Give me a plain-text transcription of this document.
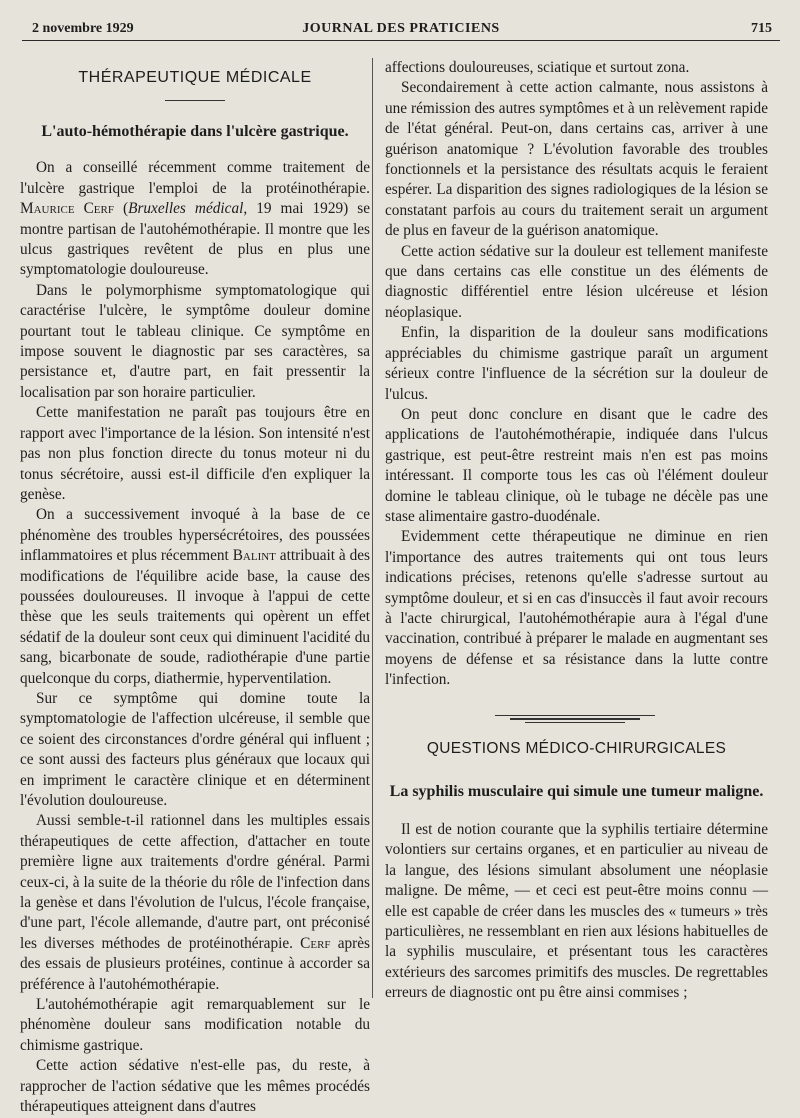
2 novembre 1929	JOURNAL DES PRATICIENS	715
THÉRAPEUTIQUE MÉDICALE
L'auto-hémothérapie dans l'ulcère gastrique.

On a conseillé récemment comme traitement de l'ulcère gastrique l'emploi de la protéinothérapie. Maurice Cerf (Bruxelles médical, 19 mai 1929) se montre partisan de l'autohémothérapie. Il montre que les ulcus gastriques revêtent de plus en plus une symptomatologie douloureuse.

Dans le polymorphisme symptomatologique qui caractérise l'ulcère, le symptôme douleur domine pourtant tout le tableau clinique. Ce symptôme en impose souvent le diagnostic par ses caractères, sa persistance et, d'autre part, en fait pressentir la localisation par son horaire particulier.

Cette manifestation ne paraît pas toujours être en rapport avec l'importance de la lésion. Son intensité n'est pas non plus fonction directe du tonus moteur ni du tonus sécrétoire, aussi est-il difficile d'en expliquer la genèse.

On a successivement invoqué à la base de ce phénomène des troubles hypersécrétoires, des poussées inflammatoires et plus récemment Balint attribuait à des modifications de l'équilibre acide base, la cause des poussées douloureuses. Il invoque à l'appui de cette thèse que les seuls traitements qui opèrent un effet sédatif de la douleur sont ceux qui diminuent l'acidité du sang, bicarbonate de soude, radiothérapie d'une partie quelconque du corps, diathermie, hyperventilation.

Sur ce symptôme qui domine toute la symptomatologie de l'affection ulcéreuse, il semble que ce soient des circonstances d'ordre général qui influent ; ce sont aussi des facteurs plus généraux que locaux qui en impriment le caractère clinique et en déterminent l'évolution douloureuse.

Aussi semble-t-il rationnel dans les multiples essais thérapeutiques de cette affection, d'attacher en toute première ligne aux traitements d'ordre général. Parmi ceux-ci, à la suite de la théorie du rôle de l'infection dans la genèse et dans l'évolution de l'ulcus, l'école française, d'une part, l'école allemande, d'autre part, ont préconisé les diverses méthodes de protéinothérapie. Cerf après des essais de plusieurs protéines, continue à accorder sa préférence à l'autohémothérapie.

L'autohémothérapie agit remarquablement sur le phénomène douleur sans modification notable du chimisme gastrique.

Cette action sédative n'est-elle pas, du reste, à rapprocher de l'action sédative que les mêmes procédés thérapeutiques atteignent dans d'autres

affections douloureuses, sciatique et surtout zona.

Secondairement à cette action calmante, nous assistons à une rémission des autres symptômes et à un relèvement rapide de l'état général. Peut-on, dans certains cas, arriver à une guérison anatomique ? L'évolution favorable des troubles fonctionnels et la persistance des résultats acquis le feraient espérer. La disparition des signes radiologiques de la lésion se constatant parfois au cours du traitement serait un argument de plus en faveur de la guérison anatomique.

Cette action sédative sur la douleur est tellement manifeste que dans certains cas elle constitue un des éléments de diagnostic différentiel entre lésion ulcéreuse et lésion néoplasique.

Enfin, la disparition de la douleur sans modifications appréciables du chimisme gastrique paraît un argument sérieux contre l'influence de la sécrétion sur la douleur de l'ulcus.

On peut donc conclure en disant que le cadre des applications de l'autohémothérapie, indiquée dans l'ulcus gastrique, est peut-être restreint mais n'en est pas moins intéressant. Il comporte tous les cas où l'élément douleur domine le tableau clinique, où le tubage ne décèle pas une stase alimentaire gastro-duodénale.

Evidemment cette thérapeutique ne diminue en rien l'importance des autres traitements qui ont tous leurs indications précises, retenons qu'elle s'adresse surtout au symptôme douleur, et si en cas d'insuccès il faut avoir recours à l'acte chirurgical, l'autohémothérapie aura à l'égal d'une vaccination, contribué à préparer le malade en augmentant ses moyens de défense et sa résistance dans la lutte contre l'infection.

QUESTIONS MÉDICO-CHIRURGICALES
La syphilis musculaire qui simule une tumeur maligne.

Il est de notion courante que la syphilis tertiaire détermine volontiers sur certains organes, et en particulier au niveau de la langue, des lésions simulant absolument une néoplasie maligne. De même, — et ceci est peut-être moins connu — elle est capable de créer dans les muscles des « tumeurs » très particulières, ne ressemblant en rien aux lésions habituelles de la syphilis musculaire, et présentant tous les caractères extérieurs des sarcomes primitifs des muscles. De regrettables erreurs de diagnostic ont pu être ainsi commises ;
